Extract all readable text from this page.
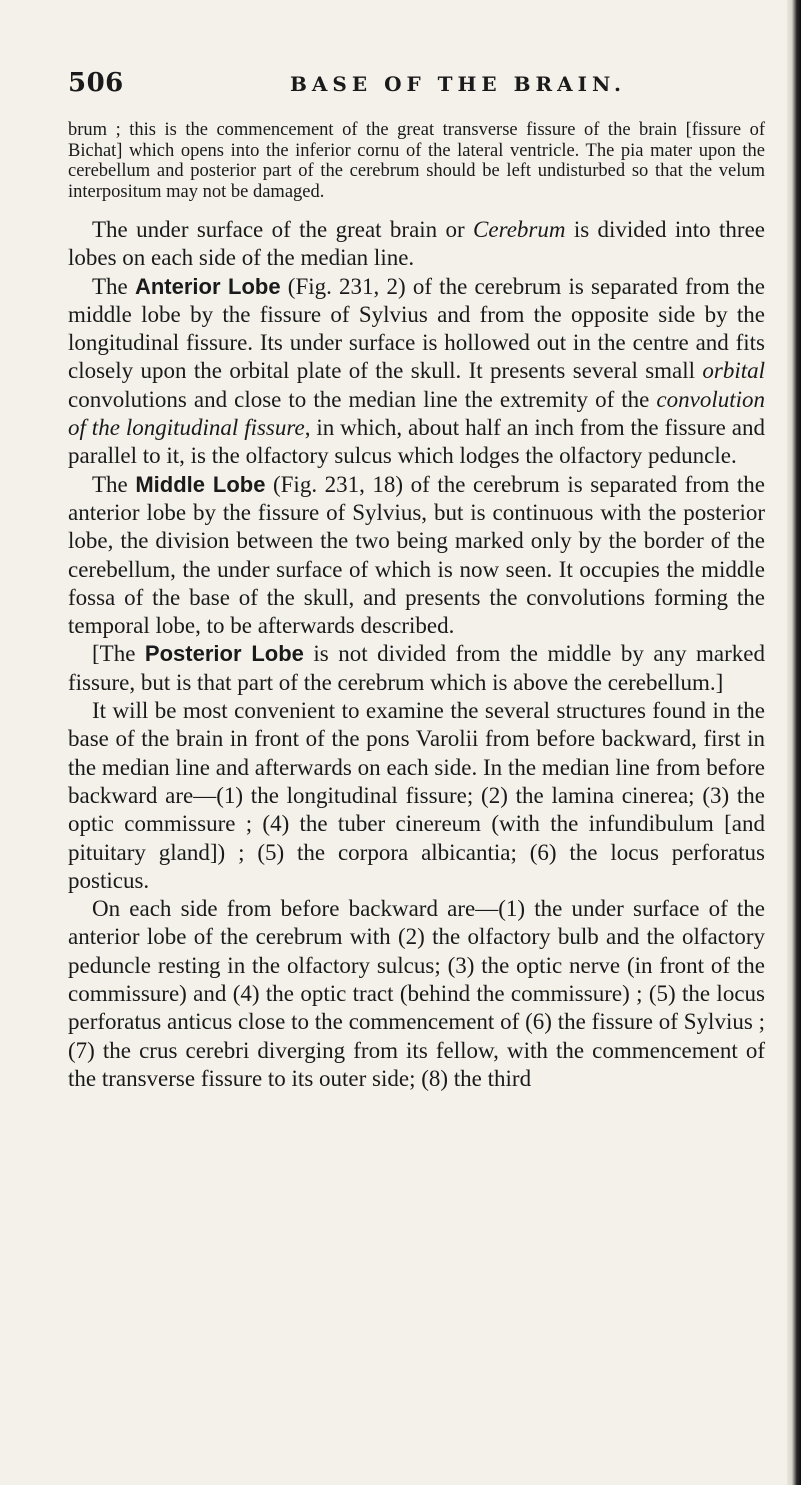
506	BASE OF THE BRAIN.

brum ; this is the commencement of the great transverse fissure of the brain [fissure of Bichat] which opens into the inferior cornu of the lateral ventricle. The pia mater upon the cerebellum and posterior part of the cerebrum should be left undisturbed so that the velum interpositum may not be damaged.

The under surface of the great brain or Cerebrum is divided into three lobes on each side of the median line.

The Anterior Lobe (Fig. 231, 2) of the cerebrum is separated from the middle lobe by the fissure of Sylvius and from the opposite side by the longitudinal fissure. Its under surface is hollowed out in the centre and fits closely upon the orbital plate of the skull. It presents several small orbital convolutions and close to the median line the extremity of the convolution of the longitudinal fissure, in which, about half an inch from the fissure and parallel to it, is the olfactory sulcus which lodges the olfactory peduncle.

The Middle Lobe (Fig. 231, 18) of the cerebrum is separated from the anterior lobe by the fissure of Sylvius, but is continuous with the posterior lobe, the division between the two being marked only by the border of the cerebellum, the under surface of which is now seen. It occupies the middle fossa of the base of the skull, and presents the convolutions forming the temporal lobe, to be afterwards described.

[The Posterior Lobe is not divided from the middle by any marked fissure, but is that part of the cerebrum which is above the cerebellum.]

It will be most convenient to examine the several structures found in the base of the brain in front of the pons Varolii from before backward, first in the median line and afterwards on each side. In the median line from before backward are—(1) the longitudinal fissure; (2) the lamina cinerea; (3) the optic commissure ; (4) the tuber cinereum (with the infundibulum [and pituitary gland]) ; (5) the corpora albicantia; (6) the locus perforatus posticus.

On each side from before backward are—(1) the under surface of the anterior lobe of the cerebrum with (2) the olfactory bulb and the olfactory peduncle resting in the olfactory sulcus; (3) the optic nerve (in front of the commissure) and (4) the optic tract (behind the commissure) ; (5) the locus perforatus anticus close to the commencement of (6) the fissure of Sylvius ; (7) the crus cerebri diverging from its fellow, with the commencement of the transverse fissure to its outer side; (8) the third
